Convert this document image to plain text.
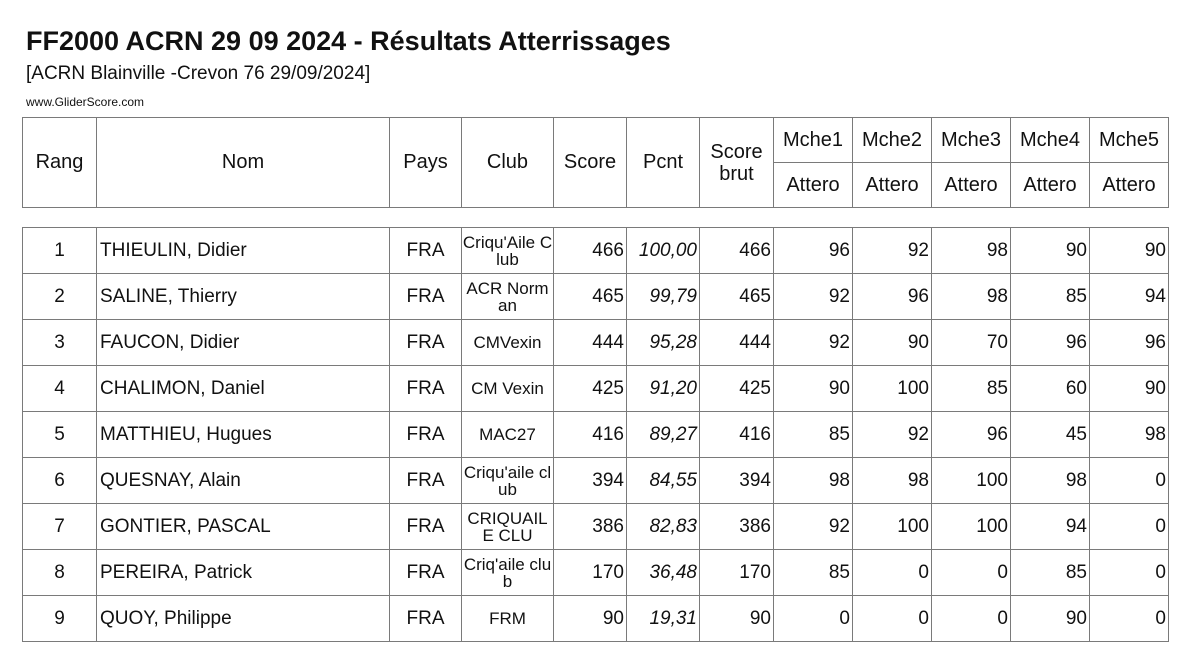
FF2000 ACRN 29 09 2024 - Résultats Atterrissages
[ACRN Blainville -Crevon 76 29/09/2024]
www.GliderScore.com
Rang	Nom	Pays	Club	Score	Pcnt	Score brut	Mche1	Mche2	Mche3	Mche4	Mche5
							Attero	Attero	Attero	Attero	Attero
1	THIEULIN, Didier	FRA	Criqu'Aile Club	466	100,00	466	96	92	98	90	90
2	SALINE, Thierry	FRA	ACR Norman	465	99,79	465	92	96	98	85	94
3	FAUCON, Didier	FRA	CMVexin	444	95,28	444	92	90	70	96	96
4	CHALIMON, Daniel	FRA	CM Vexin	425	91,20	425	90	100	85	60	90
5	MATTHIEU, Hugues	FRA	MAC27	416	89,27	416	85	92	96	45	98
6	QUESNAY, Alain	FRA	Criqu'aile club	394	84,55	394	98	98	100	98	0
7	GONTIER, PASCAL	FRA	CRIQUAILE CLU	386	82,83	386	92	100	100	94	0
8	PEREIRA, Patrick	FRA	Criq'aile club	170	36,48	170	85	0	0	85	0
9	QUOY, Philippe	FRA	FRM	90	19,31	90	0	0	0	90	0
